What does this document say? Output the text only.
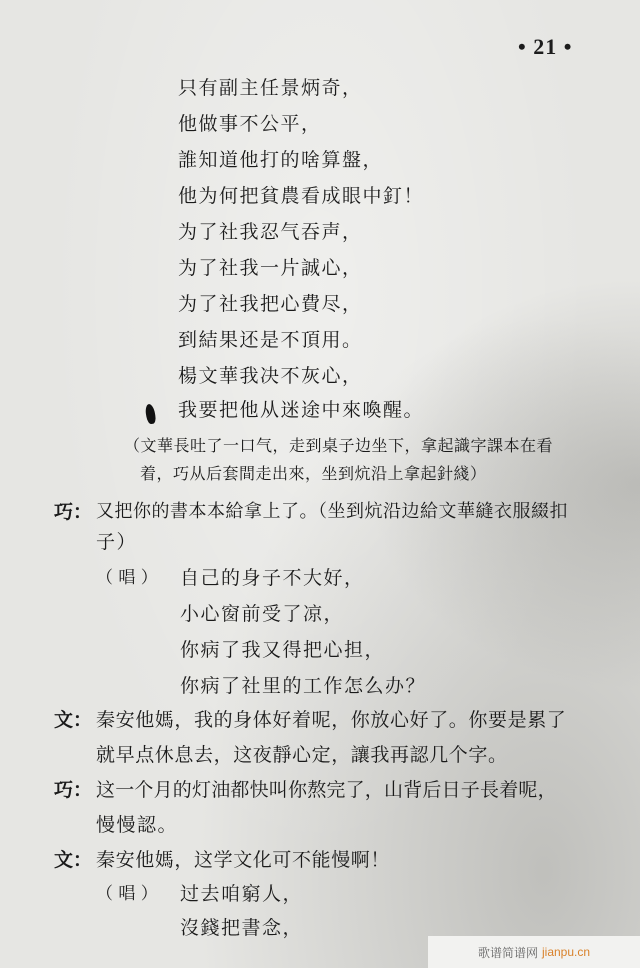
• 21 •
只有副主任景炳奇，
他做事不公平，
誰知道他打的啥算盤，
他为何把貧農看成眼中釘！
为了社我忍气吞声，
为了社我一片誠心，
为了社我把心費尽，
到結果还是不頂用。
楊文華我决不灰心，
我要把他从迷途中來喚醒。
（文華長吐了一口气，走到桌子边坐下，拿起識字課本在看
着，巧从后套間走出來，坐到炕沿上拿起針綫）
巧： 又把你的書本本給拿上了。（坐到炕沿边給文華縫衣服綴扣
子）
（ 唱 ） 自己的身子不大好，
小心窗前受了凉，
你病了我又得把心担，
你病了社里的工作怎么办？
文： 秦安他媽，我的身体好着呢，你放心好了。你要是累了
就早点休息去，这夜靜心定，讓我再認几个字。
巧： 这一个月的灯油都快叫你熬完了，山背后日子長着呢，
慢慢認。
文： 秦安他媽，这学文化可不能慢啊！
（ 唱 ） 过去咱窮人，
沒錢把書念，
歌谱简谱网 jianpu.cn
